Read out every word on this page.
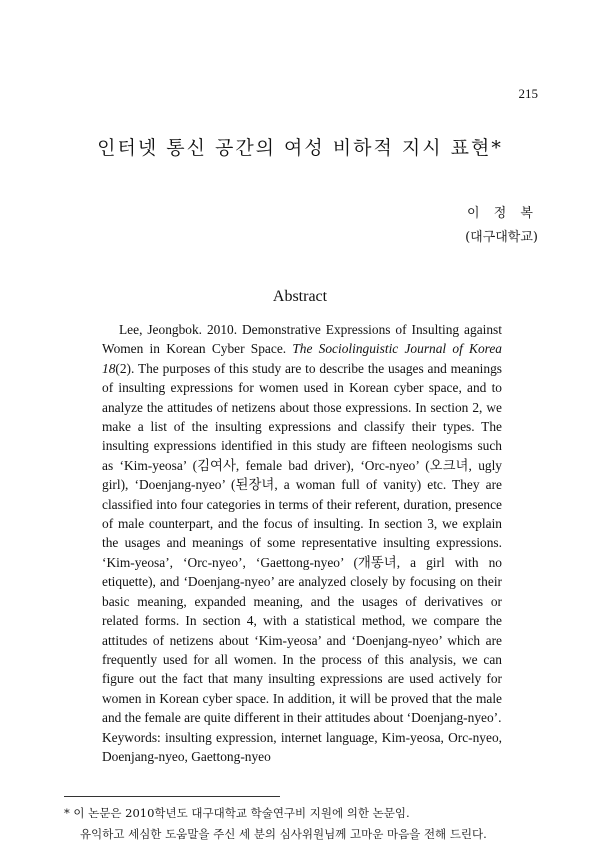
215
인터넷 통신 공간의 여성 비하적 지시 표현*
이 정 복
(대구대학교)
Abstract

Lee, Jeongbok. 2010. Demonstrative Expressions of Insulting against Women in Korean Cyber Space. The Sociolinguistic Journal of Korea 18(2). The purposes of this study are to describe the usages and meanings of insulting expressions for women used in Korean cyber space, and to analyze the attitudes of netizens about those expressions. In section 2, we make a list of the insulting expressions and classify their types. The insulting expressions identified in this study are fifteen neologisms such as ‘Kim-yeosa’ (김여사, female bad driver), ‘Orc-nyeo’ (오크녀, ugly girl), ‘Doenjang-nyeo’ (된장녀, a woman full of vanity) etc. They are classified into four categories in terms of their referent, duration, presence of male counterpart, and the focus of insulting. In section 3, we explain the usages and meanings of some representative insulting expressions. ‘Kim-yeosa’, ‘Orc-nyeo’, ‘Gaettong-nyeo’ (개똥녀, a girl with no etiquette), and ‘Doenjang-nyeo’ are analyzed closely by focusing on their basic meaning, expanded meaning, and the usages of derivatives or related forms. In section 4, with a statistical method, we compare the attitudes of netizens about ‘Kim-yeosa’ and ‘Doenjang-nyeo’ which are frequently used for all women. In the process of this analysis, we can figure out the fact that many insulting expressions are used actively for women in Korean cyber space. In addition, it will be proved that the male and the female are quite different in their attitudes about ‘Doenjang-nyeo’.

Keywords: insulting expression, internet language, Kim-yeosa, Orc-nyeo, Doenjang-nyeo, Gaettong-nyeo
* 이 논문은 2010학년도 대구대학교 학술연구비 지원에 의한 논문임.
유익하고 세심한 도움말을 주신 세 분의 심사위원님께 고마운 마음을 전해 드린다.
